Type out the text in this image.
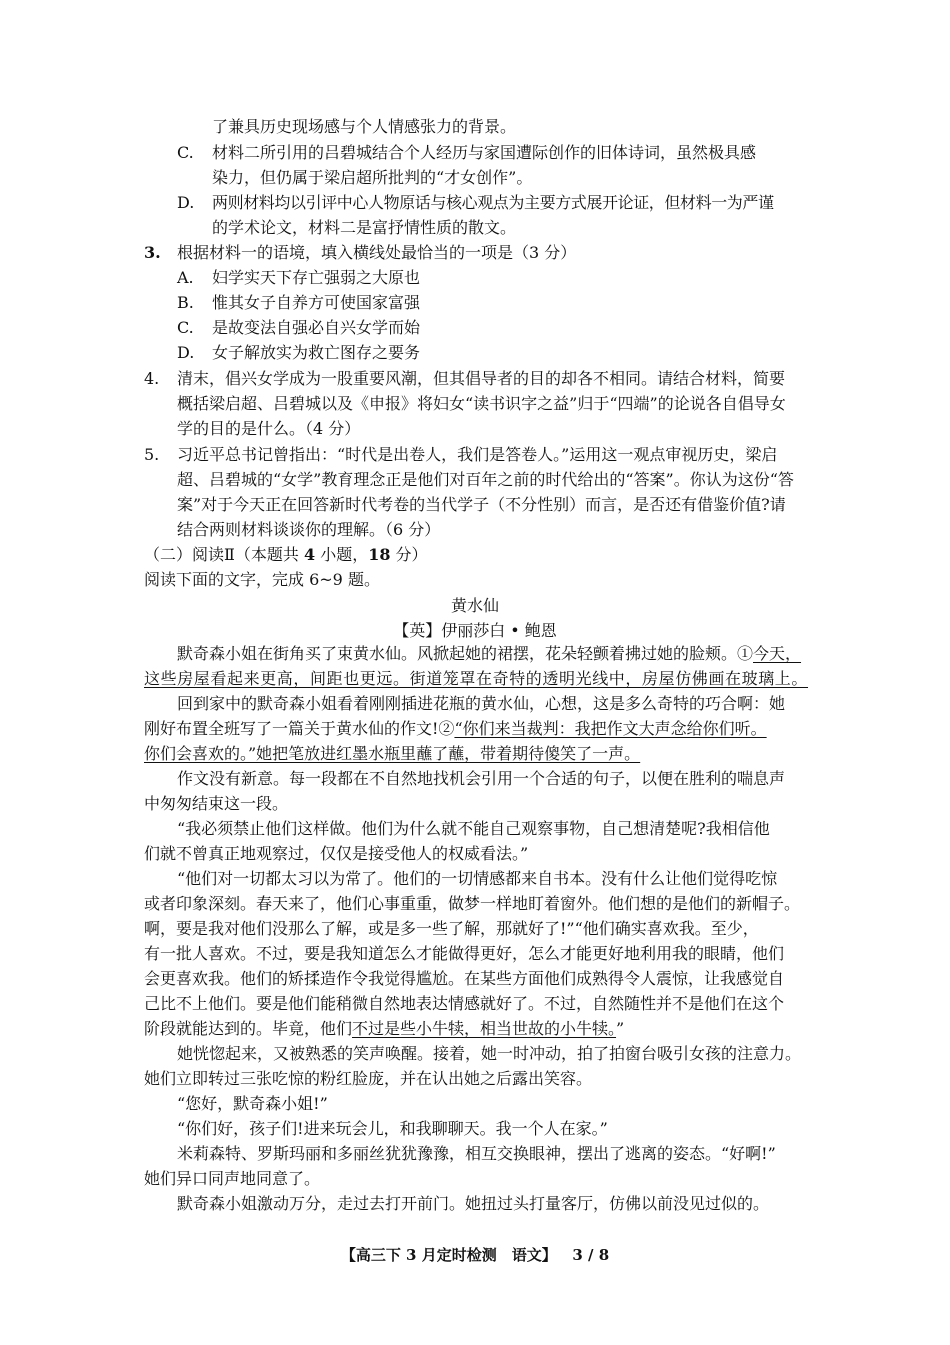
了兼具历史现场感与个人情感张力的背景。
C. 材料二所引用的吕碧城结合个人经历与家国遭际创作的旧体诗词，虽然极具感
染力，但仍属于梁启超所批判的“才女创作”。
D. 两则材料均以引评中心人物原话与核心观点为主要方式展开论证，但材料一为严谨
的学术论文，材料二是富抒情性质的散文。
3. 根据材料一的语境，填入横线处最恰当的一项是（3 分）
A. 妇学实天下存亡强弱之大原也
B. 惟其女子自养方可使国家富强
C. 是故变法自强必自兴女学而始
D. 女子解放实为救亡图存之要务
4. 清末，倡兴女学成为一股重要风潮，但其倡导者的目的却各不相同。请结合材料，简要
概括梁启超、吕碧城以及《申报》将妇女“读书识字之益”归于“四端”的论说各自倡导女
学的目的是什么。（4 分）
5. 习近平总书记曾指出：“时代是出卷人，我们是答卷人。”运用这一观点审视历史，梁启
超、吕碧城的“女学”教育理念正是他们对百年之前的时代给出的“答案”。你认为这份“答
案”对于今天正在回答新时代考卷的当代学子（不分性别）而言，是否还有借鉴价值?请
结合两则材料谈谈你的理解。（6 分）
（二）阅读Ⅱ（本题共 4 小题，18 分）
阅读下面的文字，完成 6~9 题。
黄水仙
【英】伊丽莎白 • 鲍恩
默奇森小姐在街角买了束黄水仙。风掀起她的裙摆，花朵轻颤着拂过她的脸颊。①今天，
这些房屋看起来更高，间距也更远。街道笼罩在奇特的透明光线中，房屋仿佛画在玻璃上。
回到家中的默奇森小姐看着刚刚插进花瓶的黄水仙，心想，这是多么奇特的巧合啊：她
刚好布置全班写了一篇关于黄水仙的作文!②“你们来当裁判：我把作文大声念给你们听。
你们会喜欢的。”她把笔放进红墨水瓶里蘸了蘸，带着期待傻笑了一声。
作文没有新意。每一段都在不自然地找机会引用一个合适的句子，以便在胜利的喘息声
中匆匆结束这一段。
“我必须禁止他们这样做。他们为什么就不能自己观察事物，自己想清楚呢?我相信他
们就不曾真正地观察过，仅仅是接受他人的权威看法。”
“他们对一切都太习以为常了。他们的一切情感都来自书本。没有什么让他们觉得吃惊
或者印象深刻。春天来了，他们心事重重，做梦一样地盯着窗外。他们想的是他们的新帽子。
啊，要是我对他们没那么了解，或是多一些了解，那就好了!”“他们确实喜欢我。至少，
有一批人喜欢。不过，要是我知道怎么才能做得更好，怎么才能更好地利用我的眼睛，他们
会更喜欢我。他们的矫揉造作令我觉得尴尬。在某些方面他们成熟得令人震惊，让我感觉自
己比不上他们。要是他们能稍微自然地表达情感就好了。不过，自然随性并不是他们在这个
阶段就能达到的。毕竟，他们不过是些小牛犊，相当世故的小牛犊。”
她恍惚起来，又被熟悉的笑声唤醒。接着，她一时冲动，拍了拍窗台吸引女孩的注意力。
她们立即转过三张吃惊的粉红脸庞，并在认出她之后露出笑容。
“您好，默奇森小姐!”
“你们好，孩子们!进来玩会儿，和我聊聊天。我一个人在家。”
米莉森特、罗斯玛丽和多丽丝犹犹豫豫，相互交换眼神，摆出了逃离的姿态。“好啊!”
她们异口同声地同意了。
默奇森小姐激动万分，走过去打开前门。她扭过头打量客厅，仿佛以前没见过似的。
【高三下 3 月定时检测　语文】 3 / 8
